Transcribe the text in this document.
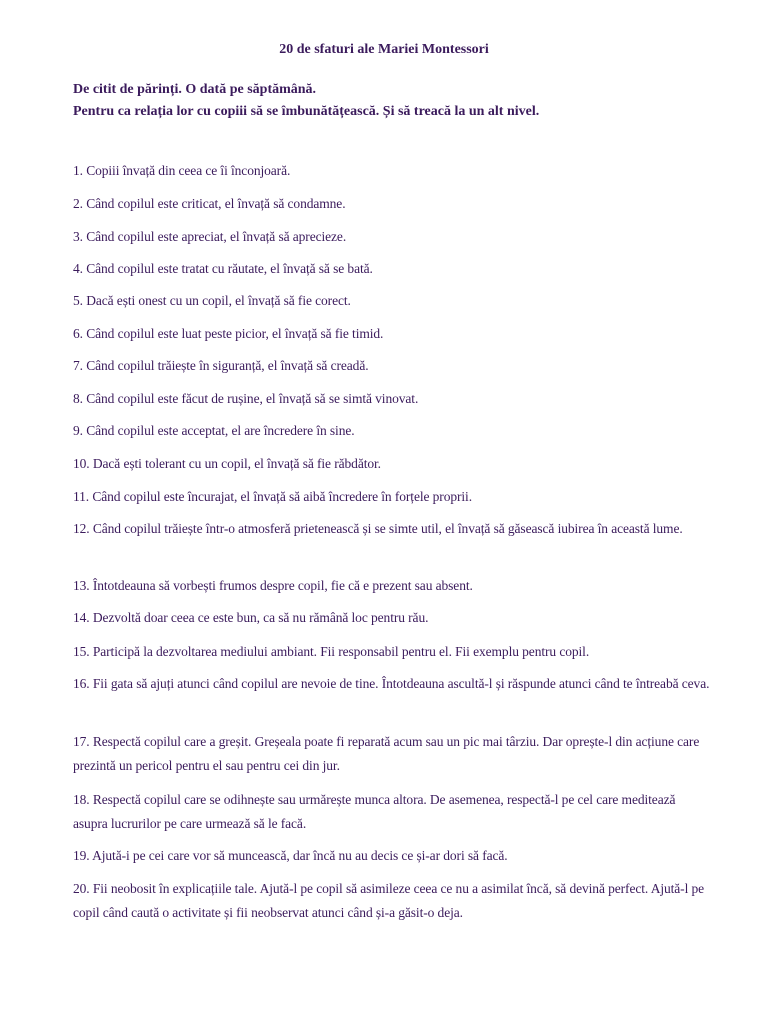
20 de sfaturi ale Mariei Montessori
De citit de părinți. O dată pe săptămână.
Pentru ca relația lor cu copiii să se îmbunătățească. Și să treacă la un alt nivel.
1. Copiii învață din ceea ce îi înconjoară.
2. Când copilul este criticat, el învață să condamne.
3. Când copilul este apreciat, el învață să aprecieze.
4. Când copilul este tratat cu răutate, el învață să se bată.
5. Dacă ești onest cu un copil, el învață să fie corect.
6. Când copilul este luat peste picior, el învață să fie timid.
7. Când copilul trăiește în siguranță, el învață să creadă.
8. Când copilul este făcut de rușine, el învață să se simtă vinovat.
9. Când copilul este acceptat, el are încredere în sine.
10. Dacă ești tolerant cu un copil, el învață să fie răbdător.
11. Când copilul este încurajat, el învață să aibă încredere în forțele proprii.
12. Când copilul trăiește într-o atmosferă prietenească și se simte util, el învață să găsească iubirea în această lume.
13. Întotdeauna să vorbești frumos despre copil, fie că e prezent sau absent.
14. Dezvoltă doar ceea ce este bun, ca să nu rămână loc pentru rău.
15. Participă la dezvoltarea mediului ambiant. Fii responsabil pentru el. Fii exemplu pentru copil.
16. Fii gata să ajuți atunci când copilul are nevoie de tine. Întotdeauna ascultă-l și răspunde atunci când te întreabă ceva.
17. Respectă copilul care a greșit. Greșeala poate fi reparată acum sau un pic mai târziu. Dar oprește-l din acțiune care prezintă un pericol pentru el sau pentru cei din jur.
18. Respectă copilul care se odihnește sau urmărește munca altora. De asemenea, respectă-l pe cel care meditează asupra lucrurilor pe care urmează să le facă.
19. Ajută-i pe cei care vor să muncească, dar încă nu au decis ce și-ar dori să facă.
20. Fii neobosit în explicațiile tale. Ajută-l pe copil să asimileze ceea ce nu a asimilat încă, să devină perfect. Ajută-l pe copil când caută o activitate și fii neobservat atunci când și-a găsit-o deja.
